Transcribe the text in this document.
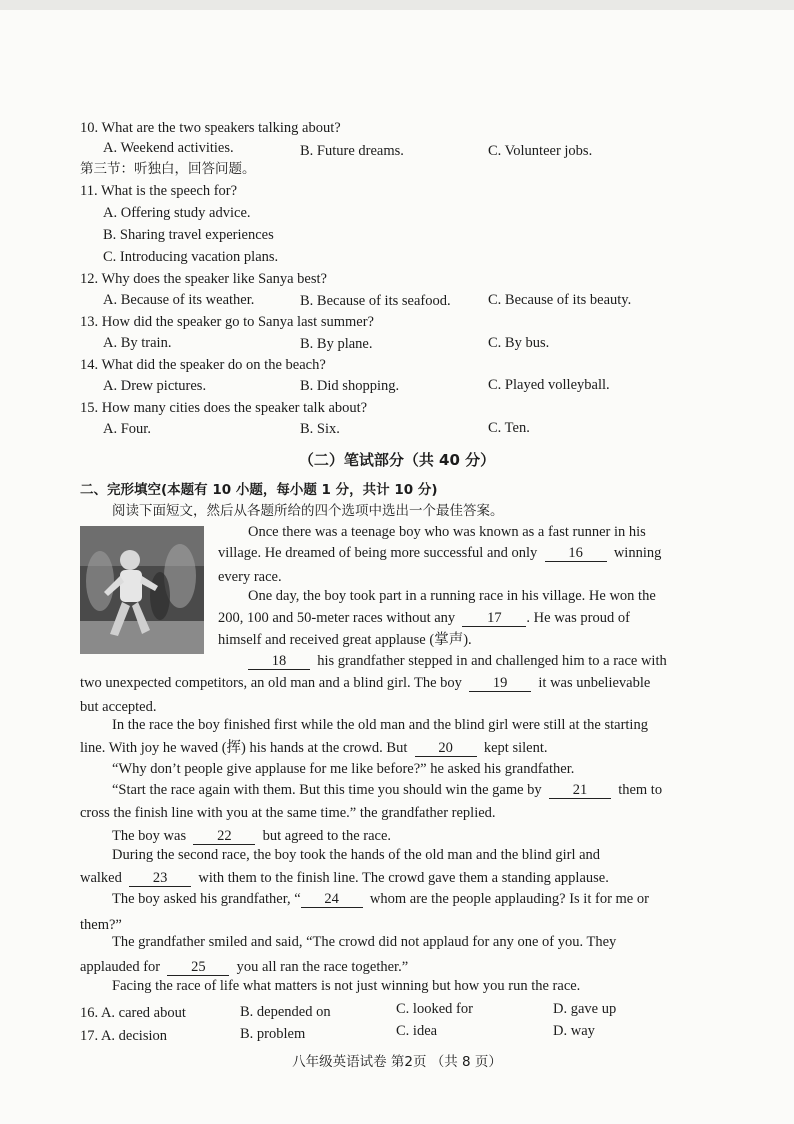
10. What are the two speakers talking about?
A. Weekend activities.	B. Future dreams.	C. Volunteer jobs.
第三节：听独白，回答问题。
11. What is the speech for?
A. Offering study advice.
B. Sharing travel experiences
C. Introducing vacation plans.
12. Why does the speaker like Sanya best?
A. Because of its weather.	B. Because of its seafood.	C. Because of its beauty.
13. How did the speaker go to Sanya last summer?
A. By train.	B. By plane.	C. By bus.
14. What did the speaker do on the beach?
A. Drew pictures.	B. Did shopping.	C. Played volleyball.
15. How many cities does the speaker talk about?
A. Four.	B. Six.	C. Ten.
（二）笔试部分（共 40 分）
二、完形填空(本题有 10 小题，每小题 1 分，共计 10 分)
阅读下面短文，然后从各题所给的四个选项中选出一个最佳答案。
Once there was a teenage boy who was known as a fast runner in his
village. He dreamed of being more successful and only 16 winning
every race.
One day, the boy took part in a running race in his village. He won the
200, 100 and 50-meter races without any 17 . He was proud of
himself and received great applause (掌声).
18 his grandfather stepped in and challenged him to a race with
two unexpected competitors, an old man and a blind girl. The boy 19 it was unbelievable
but accepted.
In the race the boy finished first while the old man and the blind girl were still at the starting
line. With joy he waved (挥) his hands at the crowd. But 20 kept silent.
“Why don’t people give applause for me like before?” he asked his grandfather.
“Start the race again with them. But this time you should win the game by 21 them to
cross the finish line with you at the same time.” the grandfather replied.
The boy was 22 but agreed to the race.
During the second race, the boy took the hands of the old man and the blind girl and
walked 23 with them to the finish line. The crowd gave them a standing applause.
The boy asked his grandfather, “ 24 whom are the people applauding? Is it for me or
them?”
The grandfather smiled and said, “The crowd did not applaud for any one of you. They
applauded for 25 you all ran the race together.”
Facing the race of life what matters is not just winning but how you run the race.
16. A. cared about	B. depended on	C. looked for	D. gave up
17. A. decision	B. problem	C. idea	D. way
八年级英语试卷 第2页 （共 8 页）
